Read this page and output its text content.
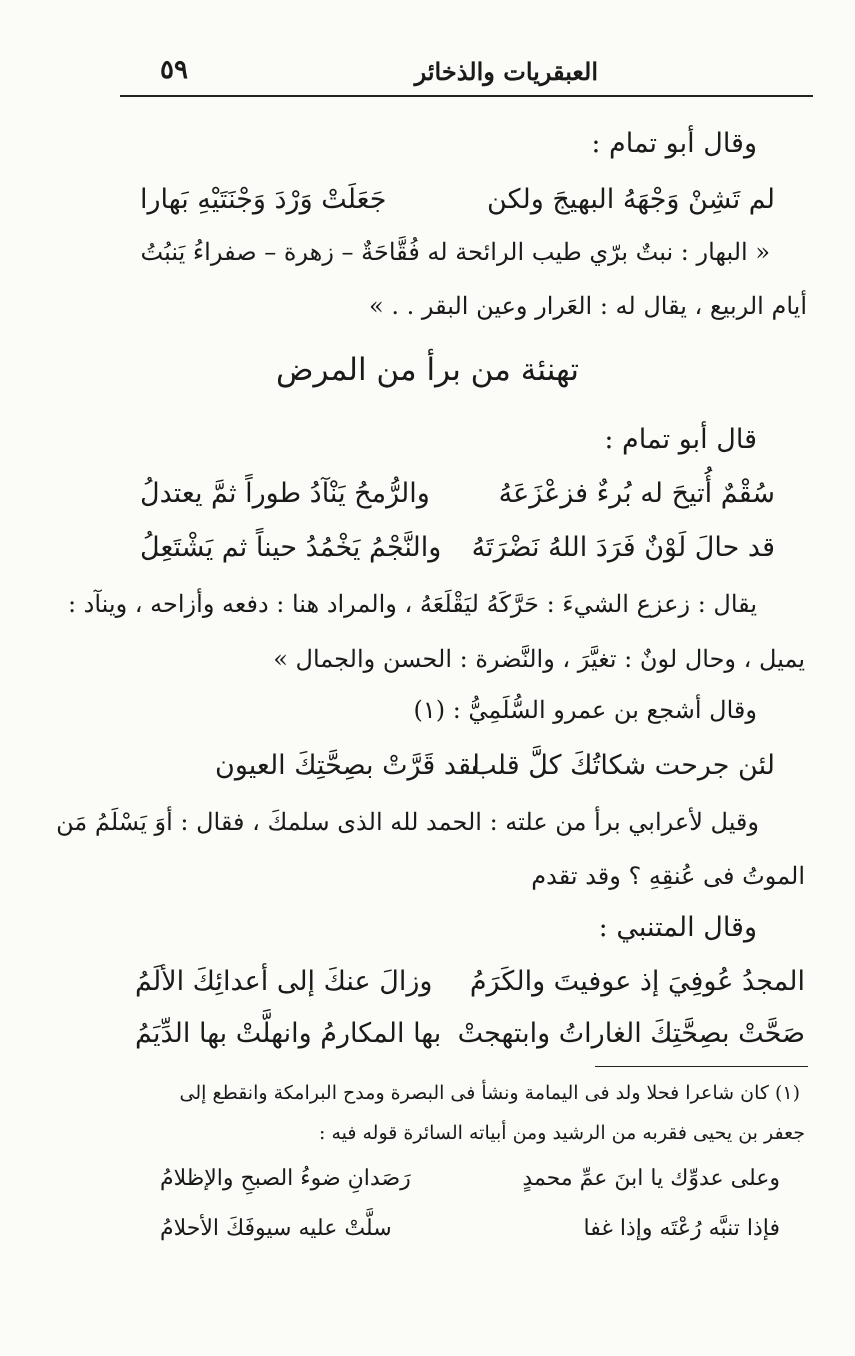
العبقريات والذخائر
٥٩
وقال أبو تمام :
لم تَشِنْ وَجْهَهُ البهيجَ ولكن
جَعَلَتْ وَرْدَ وَجْنَتَيْهِ بَهارا
« البهار : نبتٌ برّي طيب الرائحة له فُقَّاحَةٌ – زهرة – صفراءُ يَنبُتُ
أيام الربيع ، يقال له : العَرار وعين البقر . . »
تهنئة من برأ من المرض
قال أبو تمام :
سُقْمٌ أُتيحَ له بُرءٌ فزعْزَعَهُ
والرُّمحُ يَنْآدُ طوراً ثمَّ يعتدلُ
قد حالَ لَوْنٌ فَرَدَ اللهُ نَضْرَتَهُ
والنَّجْمُ يَخْمُدُ حيناً ثم يَشْتَعِلُ
يقال : زعزع الشيءَ : حَرَّكَهُ ليَقْلَعَهُ ، والمراد هنا : دفعه وأزاحه ، وينآد :
يميل ، وحال لونٌ : تغيَّرَ ، والنَّضرة : الحسن والجمال »
وقال أشجع بن عمرو السُّلَمِيُّ : (١)
لئن جرحت شكاتُكَ كلَّ قلب
لقد قَرَّتْ بصِحَّتِكَ العيون
وقيل لأعرابي برأ من علته : الحمد لله الذى سلمكَ ، فقال : أوَ يَسْلَمُ مَن
الموتُ فى عُنقِهِ ؟ وقد تقدم
وقال المتنبي :
المجدُ عُوفِيَ إذ عوفيتَ والكَرَمُ
وزالَ عنكَ إلى أعدائِكَ الألَمُ
صَحَّتْ بصِحَّتِكَ الغاراتُ وابتهجتْ
بها المكارمُ وانهلَّتْ بها الدِّيَمُ
(١) كان شاعرا فحلا ولد فى اليمامة ونشأ فى البصرة ومدح البرامكة وانقطع إلى
جعفر بن يحيى فقربه من الرشيد ومن أبياته السائرة قوله فيه :
وعلى عدوِّك يا ابنَ عمِّ محمدٍ
رَصَدانِ ضوءُ الصبحِ والإظلامُ
فإذا تنبَّه رُعْتَه وإذا غفا
سلَّتْ عليه سيوفَكَ الأحلامُ
